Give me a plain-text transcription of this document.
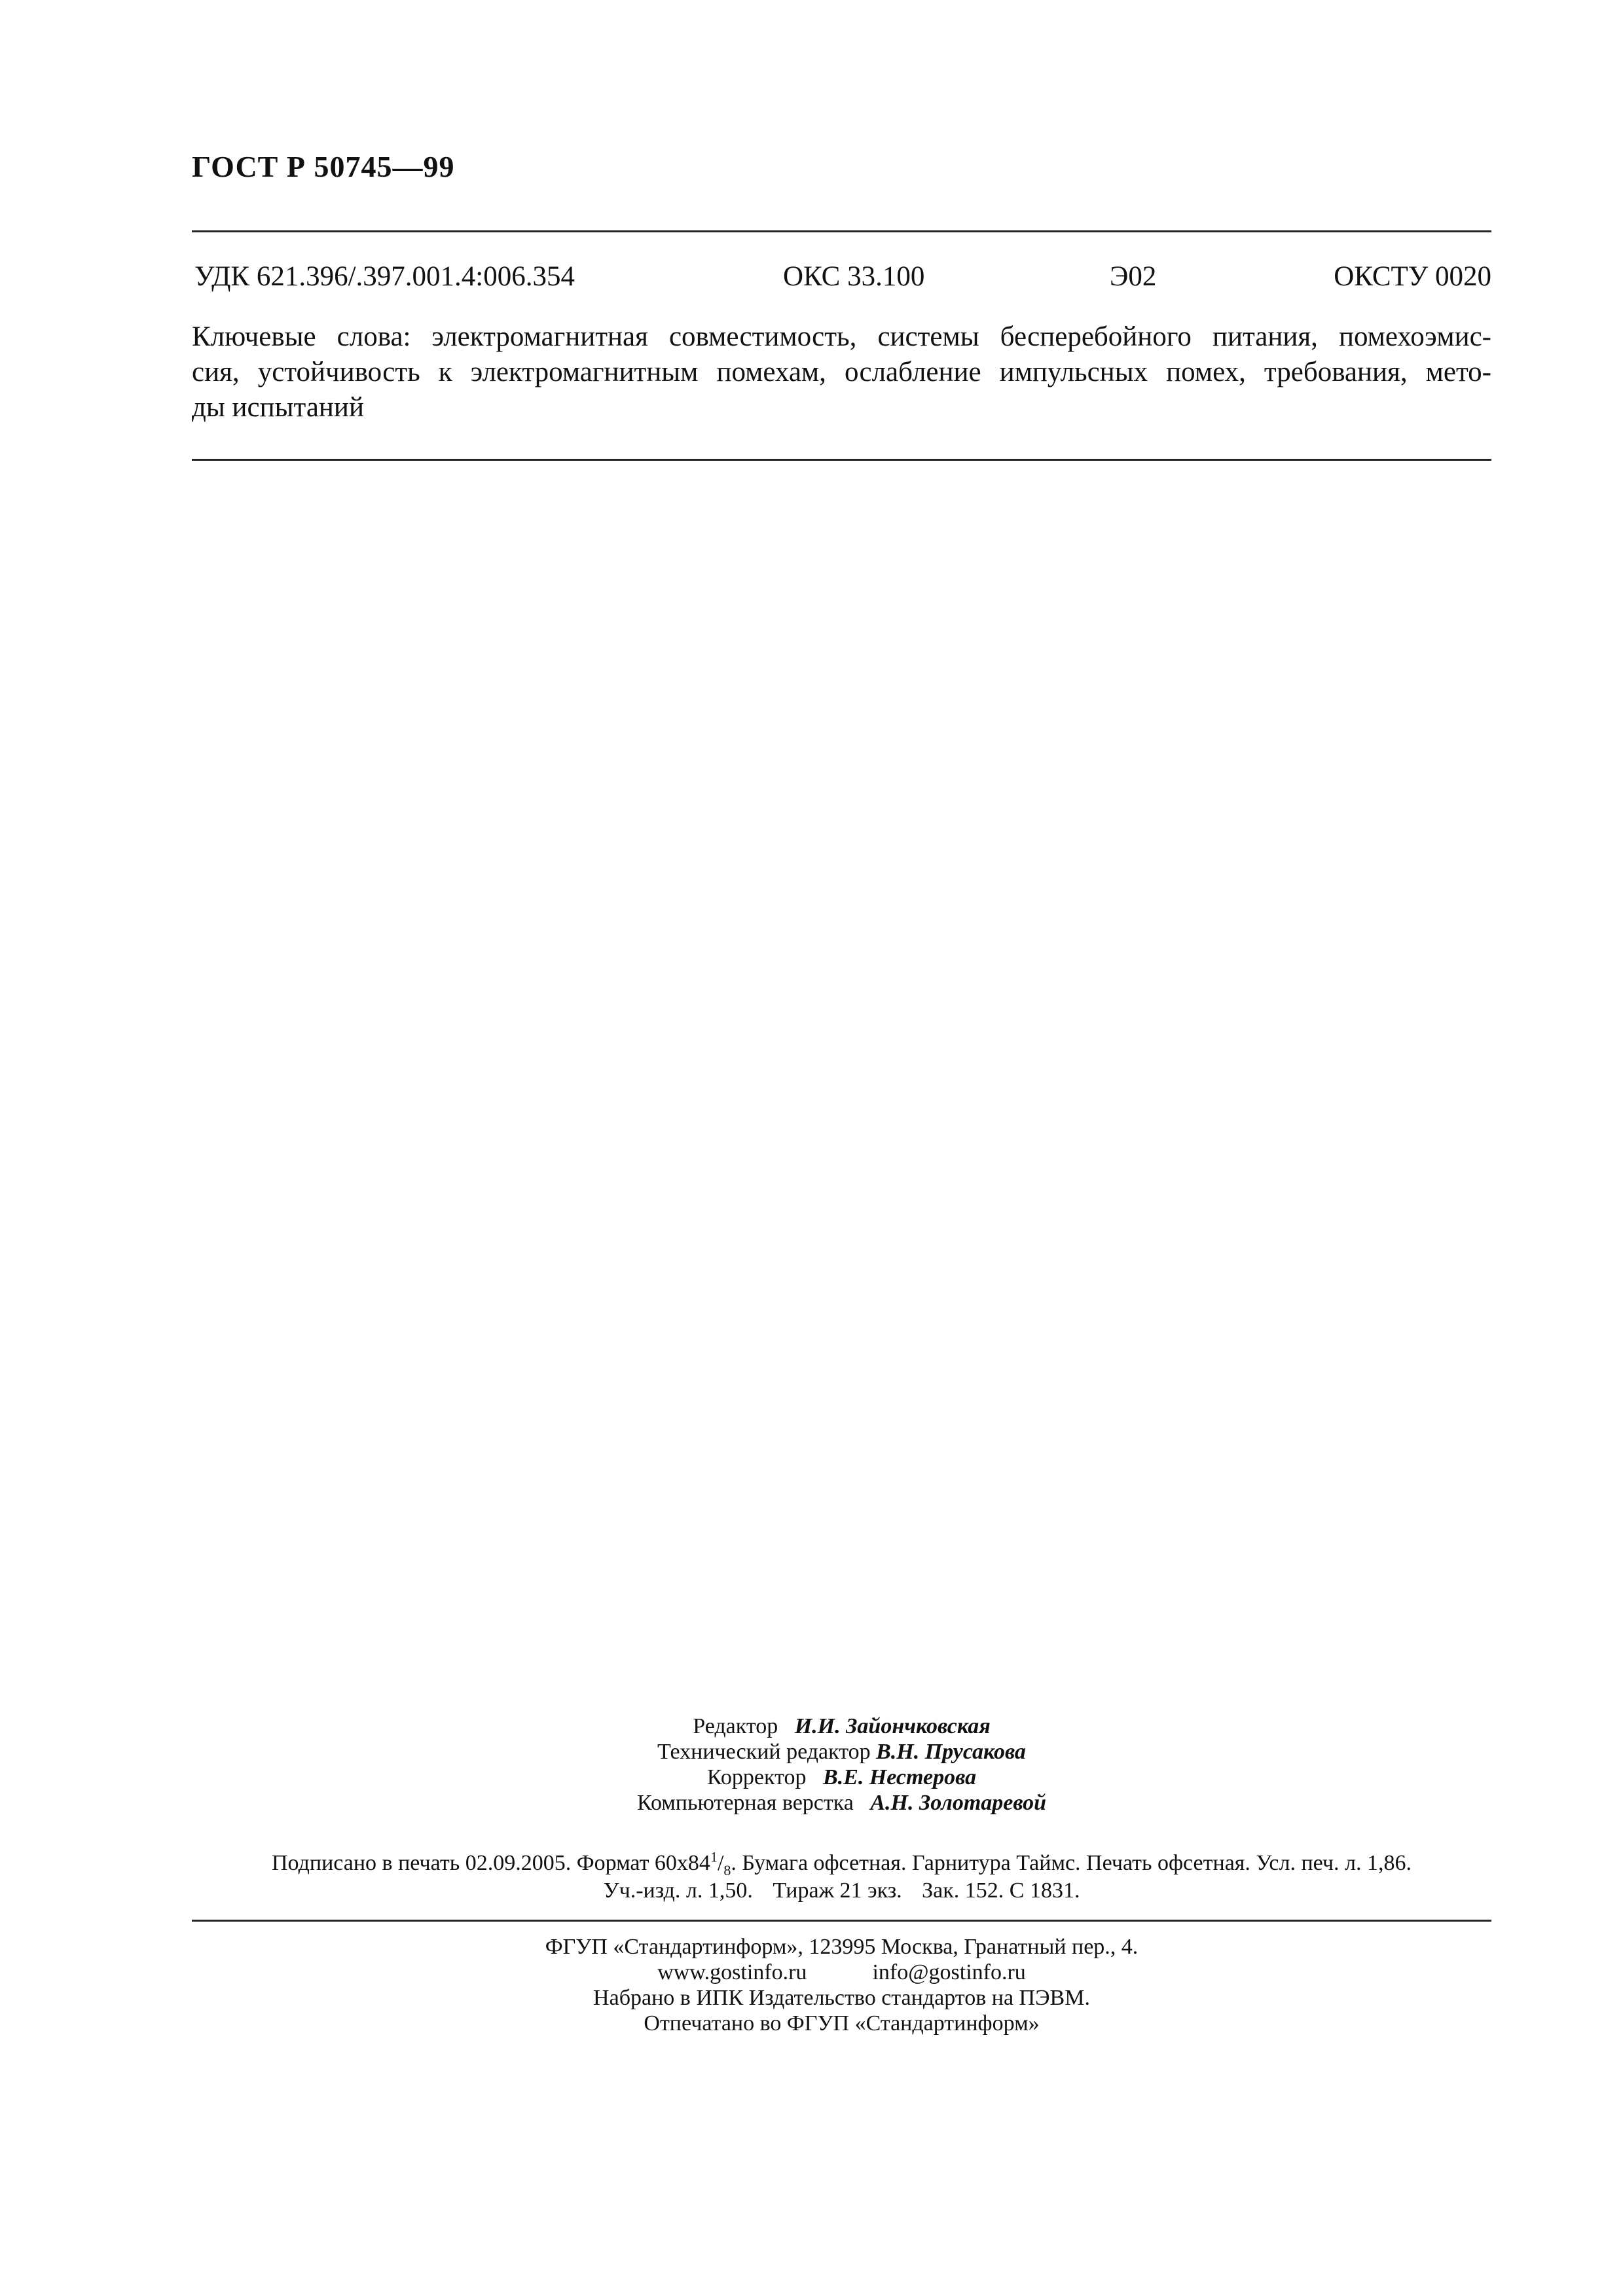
ГОСТ Р 50745—99
УДК 621.396/.397.001.4:006.354	ОКС 33.100	Э02	ОКСТУ 0020
Ключевые слова: электромагнитная совместимость, системы бесперебойного питания, помехоэмис-
сия, устойчивость к электромагнитным помехам, ослабление импульсных помех, требования, мето-
ды испытаний
Редактор И.И. Зайончковская
Технический редактор В.Н. Прусакова
Корректор В.Е. Нестерова
Компьютерная верстка А.Н. Золотаревой
Подписано в печать 02.09.2005. Формат $60x84^1/_8$. Бумага офсетная. Гарнитура Таймс. Печать офсетная. Усл. печ. л. 1,86.
Уч.-изд. л. 1,50. Тираж 21 экз. Зак. 152. С 1831.
ФГУП «Стандартинформ», 123995 Москва, Гранатный пер., 4.
www.gostinfo.ru	info@gostinfo.ru
Набрано в ИПК Издательство стандартов на ПЭВМ.
Отпечатано во ФГУП «Стандартинформ»
